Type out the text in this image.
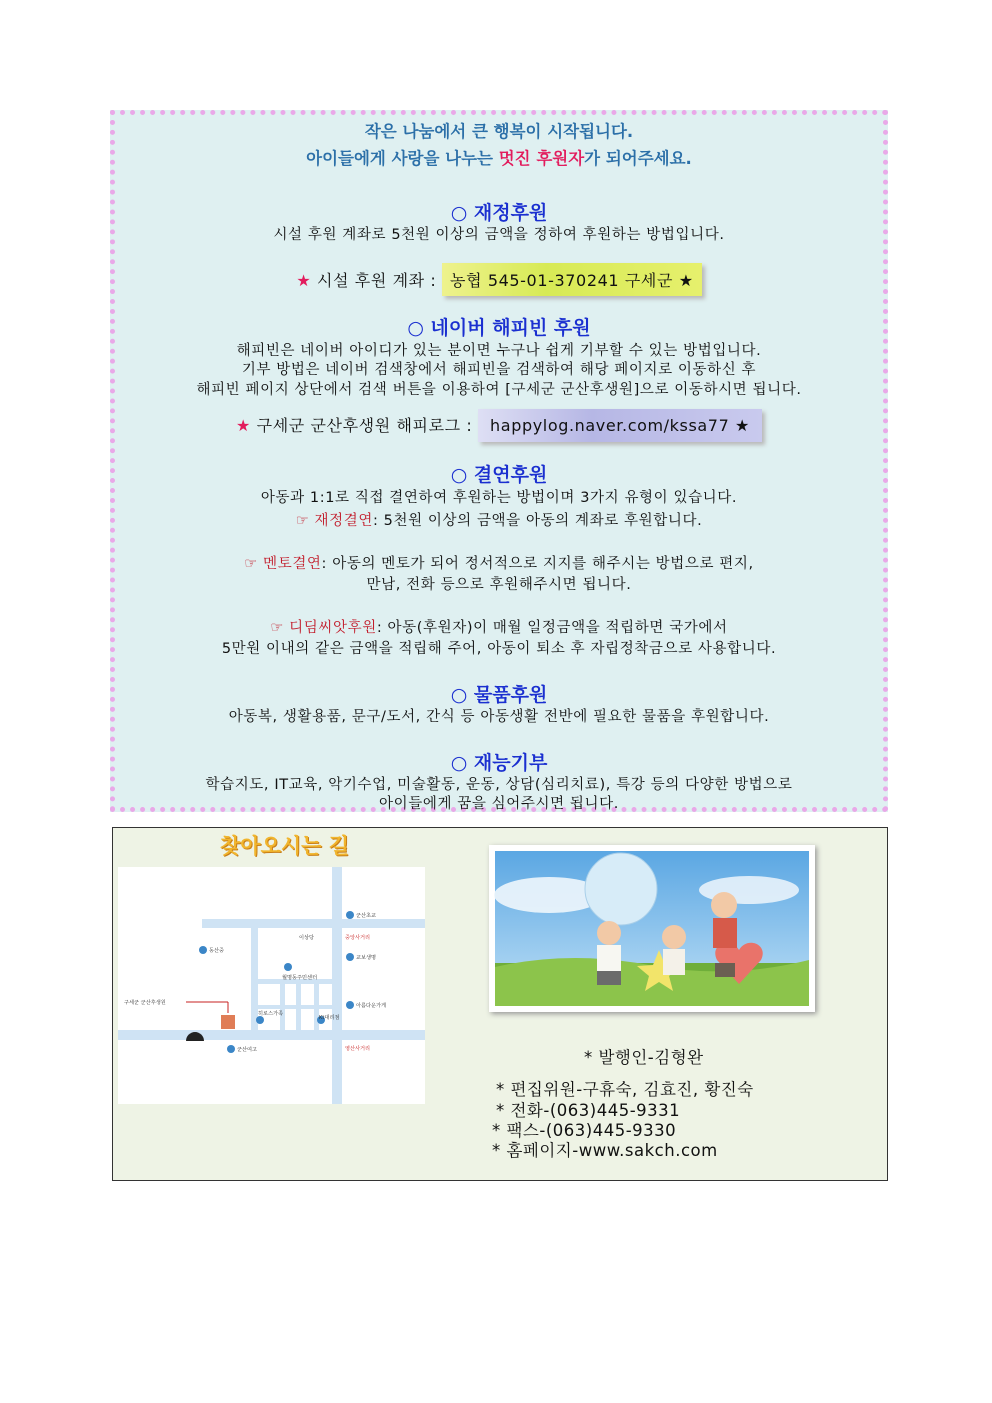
작은 나눔에서 큰 행복이 시작됩니다.
아이들에게 사랑을 나누는 멋진 후원자가 되어주세요.
○ 재정후원
시설 후원 계좌로 5천원 이상의 금액을 정하여 후원하는 방법입니다.
★ 시설 후원 계좌 : 농협 545-01-370241 구세군 ★
○ 네이버 해피빈 후원
해피빈은 네이버 아이디가 있는 분이면 누구나 쉽게 기부할 수 있는 방법입니다.
기부 방법은 네이버 검색창에서 해피빈을 검색하여 해당 페이지로 이동하신 후
해피빈 페이지 상단에서 검색 버튼을 이용하여 [구세군 군산후생원]으로 이동하시면 됩니다.
★ 구세군 군산후생원 해피로그 : happylog.naver.com/kssa77 ★
○ 결연후원
아동과 1:1로 직접 결연하여 후원하는 방법이며 3가지 유형이 있습니다.
☞ 재정결연: 5천원 이상의 금액을 아동의 계좌로 후원합니다.
☞ 멘토결연: 아동의 멘토가 되어 정서적으로 지지를 해주시는 방법으로 편지,
만남, 전화 등으로 후원해주시면 됩니다.
☞ 디딤씨앗후원: 아동(후원자)이 매월 일정금액을 적립하면 국가에서
5만원 이내의 같은 금액을 적립해 주어, 아동이 퇴소 후 자립정착금으로 사용합니다.
○ 물품후원
아동복, 생활용품, 문구/도서, 간식 등 아동생활 전반에 필요한 물품을 후원합니다.
○ 재능기부
학습지도, IT교육, 악기수업, 미술활동, 운동, 상담(심리치료), 특강 등의 다양한 방법으로
아이들에게 꿈을 심어주시면 됩니다.
찾아오시는 길
군산초교
이상당	중앙사거리
동산중
교보생명
월명동주민센터
구세군 군산후생원
히로스가족
Kt대리점
아름다운가게
군산여고	영산사거리	* 발행인-김형완
* 편집위원-구휴숙, 김효진, 황진숙
* 전화-(063)445-9331
* 팩스-(063)445-9330
* 홈페이지-www.sakch.com
